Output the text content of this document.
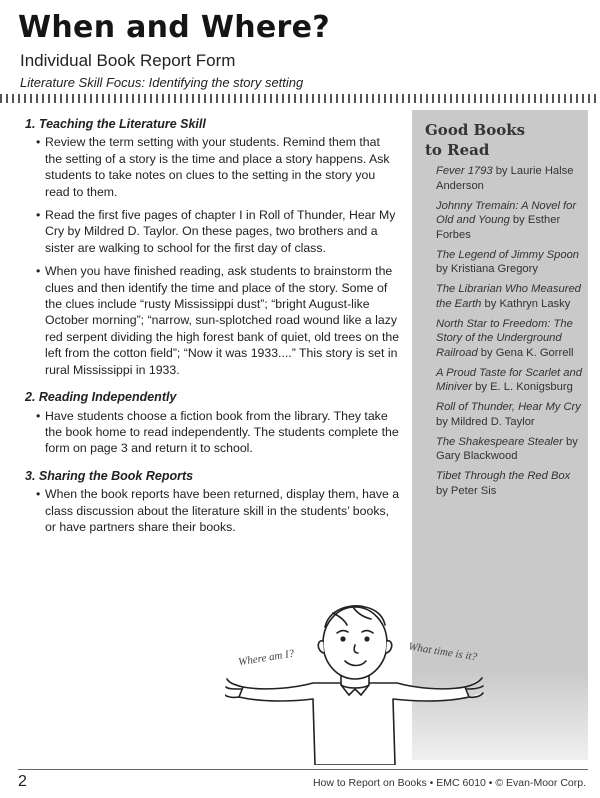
When and Where?
Individual Book Report Form
Literature Skill Focus: Identifying the story setting
1. Teaching the Literature Skill
• Review the term setting with your students. Remind them that the setting of a story is the time and place a story happens. Ask students to take notes on clues to the setting in the story you read to them.
• Read the first five pages of chapter I in Roll of Thunder, Hear My Cry by Mildred D. Taylor. On these pages, two brothers and a sister are walking to school for the first day of class.
• When you have finished reading, ask students to brainstorm the clues and then identify the time and place of the story. Some of the clues include “rusty Mississippi dust”; “bright August-like October morning”; “narrow, sun-splotched road wound like a lazy red serpent dividing the high forest bank of quiet, old trees on the left from the cotton field”; “Now it was 1933....” This story is set in rural Mississippi in 1933.
2. Reading Independently
• Have students choose a fiction book from the library. They take the book home to read independently. The students complete the form on page 3 and return it to school.
3. Sharing the Book Reports
• When the book reports have been returned, display them, have a class discussion about the literature skill in the students’ books, or have partners share their books.
Good Books
to Read
Fever 1793 by Laurie Halse Anderson
Johnny Tremain: A Novel for Old and Young by Esther Forbes
The Legend of Jimmy Spoon by Kristiana Gregory
The Librarian Who Measured the Earth by Kathryn Lasky
North Star to Freedom: The Story of the Underground Railroad by Gena K. Gorrell
A Proud Taste for Scarlet and Miniver by E. L. Konigsburg
Roll of Thunder, Hear My Cry by Mildred D. Taylor
The Shakespeare Stealer by Gary Blackwood
Tibet Through the Red Box by Peter Sis
Where am I?	What time is it?
2	How to Report on Books • EMC 6010 • © Evan-Moor Corp.
